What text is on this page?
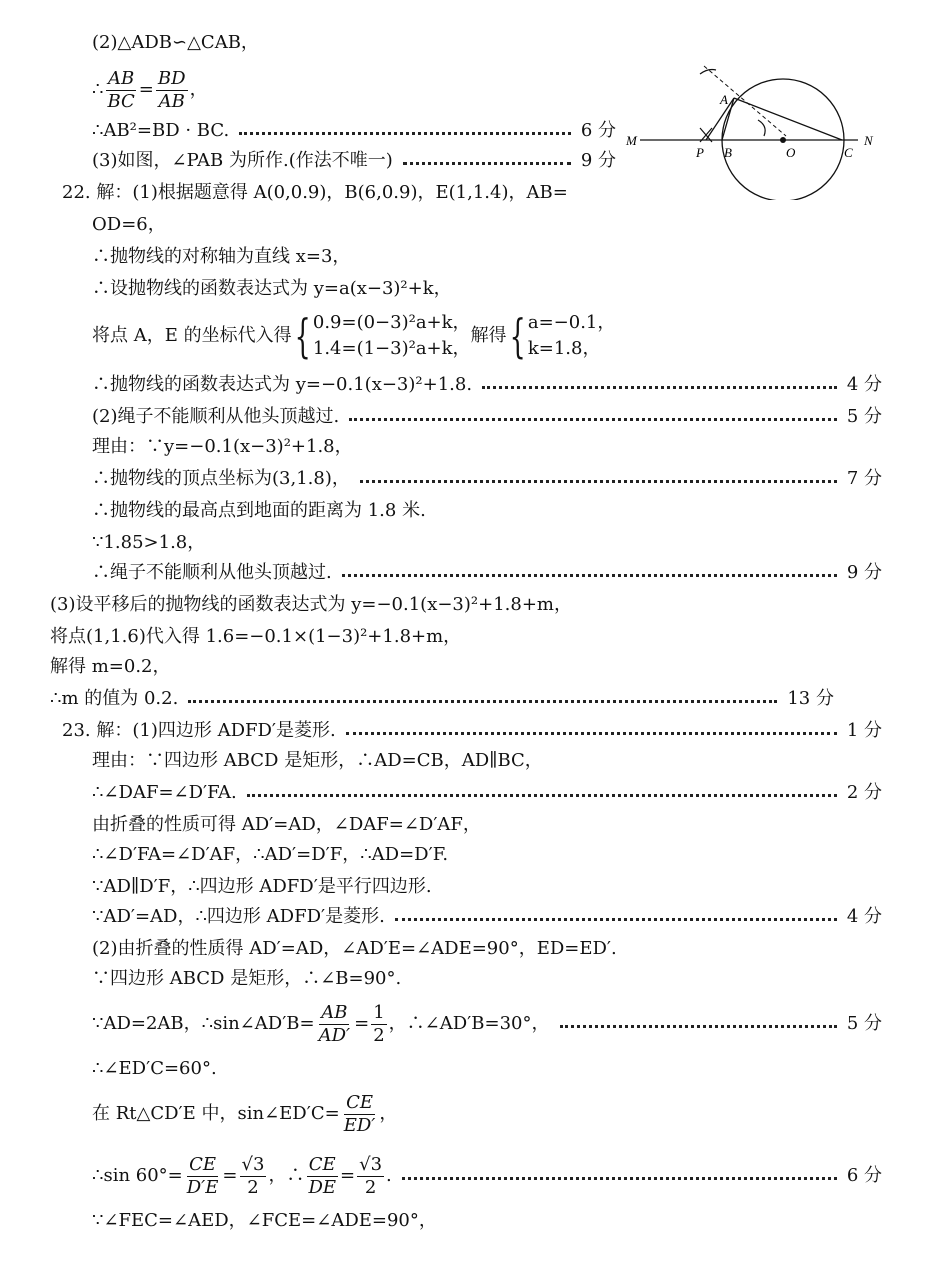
(2)△ADB∽△CAB，
∴ $\frac{AB}{BC} = \frac{BD}{AB}$ ，
∴AB²=BD · BC.	6 分
(3)如图，∠PAB 为所作.(作法不唯一)	9 分
22. 解：(1)根据题意得 A(0,0.9)，B(6,0.9)，E(1,1.4)，AB=
OD=6，
∴抛物线的对称轴为直线 x=3，
∴设抛物线的函数表达式为 y=a(x−3)²+k，
将点 A，E 的坐标代入得 { 0.9=(0−3)²a+k，
1.4=(1−3)²a+k，
解得 { a=−0.1，
k=1.8，
∴抛物线的函数表达式为 y=−0.1(x−3)²+1.8.	4 分
(2)绳子不能顺利从他头顶越过.	5 分
理由：∵y=−0.1(x−3)²+1.8，
∴抛物线的顶点坐标为(3,1.8)，	7 分
∴抛物线的最高点到地面的距离为 1.8 米.
∵1.85>1.8，
∴绳子不能顺利从他头顶越过.	9 分
(3)设平移后的抛物线的函数表达式为 y=−0.1(x−3)²+1.8+m，
将点(1,1.6)代入得 1.6=−0.1×(1−3)²+1.8+m，
解得 m=0.2，
∴m 的值为 0.2.	13 分
23. 解：(1)四边形 ADFD′是菱形.	1 分
理由：∵四边形 ABCD 是矩形，∴AD=CB，AD∥BC，
∴∠DAF=∠D′FA.	2 分
由折叠的性质可得 AD′=AD，∠DAF=∠D′AF，
∴∠D′FA=∠D′AF，∴AD′=D′F，∴AD=D′F.
∵AD∥D′F，∴四边形 ADFD′是平行四边形.
∵AD′=AD，∴四边形 ADFD′是菱形.	4 分
(2)由折叠的性质得 AD′=AD，∠AD′E=∠ADE=90°，ED=ED′.
∵四边形 ABCD 是矩形，∴∠B=90°.
∵AD=2AB，∴sin∠AD′B= $\frac{AB}{AD'} = \frac{1}{2}$ ，∴∠AD′B=30°，	5 分
∴∠ED′C=60°.
在 Rt△CD′E 中，sin∠ED′C= $\frac{CE}{ED'}$ ，
∴sin $60^\circ= \frac{CE}{D'E} = \frac{√3}{2}$ ，∴ $\frac{CE}{DE} = \frac{√3}{2}$ .	6 分
∵∠FEC=∠AED，∠FCE=∠ADE=90°，
M
P B	O	C
N
A
